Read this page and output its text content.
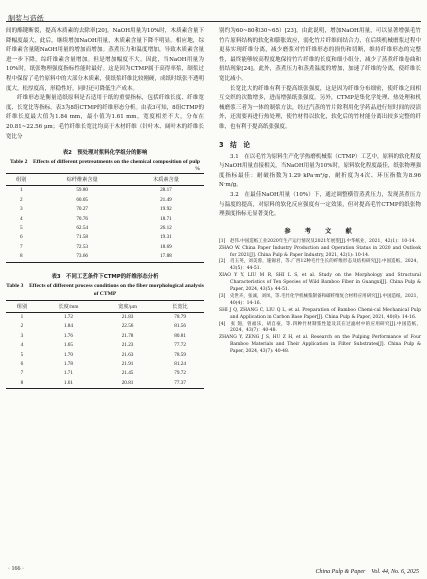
制浆与造纸

间的酯键断裂，提高木质素的去除率[20]。NaOH用量为10%时，木质素含量下降幅度最大，此后，继续增加NaOH用量，木质素含量下降不明显。相应地，综纤维素含量随NaOH用量的增加而增加。蒸煮压力和温度增加，导致木质素含量进一步下降，综纤维素含量增加。但是增加幅度不大。因此，当NaOH用量为10%时，纸张物理强度指标性能时最好。这是因为CTMP属于高得率浆，制浆过程中保留了毛竹原料中的大部分木质素，使纸浆纤维比较刚硬，成纸时纸张不透明度大，松厚度高，形稳性好。同时还可降低生产成本。

纤维形态是衡量造纸原料是否适用于纸的重要指标，包括纤维长度、纤维宽度、长宽比等指标。表3为8组CTMP的纤维形态分析。由表3可知，8组CTMP的纤维长度最大值为1.84 mm，最小值为1.61 mm，宽度相差不大，分布在20.81~22.56 μm；毛竹纤维长宽比均高于木材纤维（针叶木、阔叶木的纤维长宽比分

表2　预处理对浆料化学组分的影响

Table 2　Effects of different pretreatments on the chemical composition of pulp

%
组别	综纤维素含量	木质素含量
1	59.80	28.17
2	60.05	21.49
3	70.27	19.92
4	70.76	18.71
5	62.54	26.12
6	71.58	19.31
7	72.53	18.69
8	73.66	17.88
表3　不同工艺条件下CTMP的纤维形态分析

Table 3　Effects of different process conditions on the fiber morphological analysis of CTMP

组别	长度/mm	宽度/μm	长宽比
1	1.72	21.83	78.79
2	1.84	22.56	81.56
3	1.76	21.78	80.81
4	1.65	21.23	77.72
5	1.70	21.63	78.59
6	1.78	21.91	81.24
7	1.71	21.45	79.72
8	1.61	20.81	77.37

别约为60~80和30~65）[23]。由此说明，增加NaOH用量，可以显著增强毛竹竹片原料结构的软化和膨胀效应，弱化竹片纤维间结合力，在后续机械磨浆过程中更易实现纤维分离，减少磨浆对竹纤维形态的损伤和切断，维持纤维形态的完整性，最终能够较高程度地保持竹片纤维的长度和细小组分，减少了蒸煮纤维卷曲和扭结现象[24]。此外，蒸煮压力和蒸煮温度的增加，加速了纤维的分离，使纤维长宽比减小。

长宽比大的纤维有利于提高纸张强度，这是因为纤维分布细密，使纤维之间相互交织的次数增多，进而增强纸张强度。另外，CTMP是集化学处理、热处理和机械磨浆三者为一体的制浆方法，经过汽蒸的竹片除利用化学药品进行短时间的浸渍外，还需要再进行热处理，使竹材得以软化，软化后的竹材能分离出较多完整的纤维，也有利于提高纸张强度。

3　结　论

3.1　在以毛竹为原料生产化学热磨机械浆（CTMP）工艺中，原料的软化程度与NaOH用量直接相关，当NaOH用量为10%时，原料软化程度最佳，纸张物理强度指标最佳：耐破指数为1.29 kPa·m²/g，耐折度为4次、环压指数为8.96 N·m/g。

3.2　在最佳NaOH用量（10%）下，通过调整横管蒸煮压力，发现蒸煮压力与温度的提高，对原料的软化反应强度有一定效果，但对提高毛竹CTMP的纸张物理强度指标无显著变化。

参　考　文　献

[1]　赵伟.中国造纸工业2020年生产运行情况及2021年展望[J].中华纸业，2021，42(1)：10-14.

ZHAO W. China Paper Industry Production and Operation Status in 2020 and Outlook for 2021[J]. China Pulp & Paper Industry, 2021, 42(1): 10-14.

[2]　肖玉英，刘美蓉，施锡君，等.广西12种毛竹生长的纤维形态及结构研究[J].中国造纸，2024，43(5)：44-51.

XIAO Y Y, LIU M R, SHI L S, et al. Study on the Morphology and Structural Characteristics of Ten Species of Wild Bamboo Fiber in Guangxi[J]. China Pulp & Paper, 2024, 43(5): 44-51.

[3]　史世卉，张诚，刘凤，等.毛竹化学机械浆制备和碳纤维复合材料应用研究[J].中国造纸，2021，40(4)：14-16.

SHI J Q, ZHANG C, LIU Q L, et al. Preparation of Bamboo Chemi-cal Mechanical Pulp and Application in Carbon Base Paper[J]. China Pulp & Paper, 2021, 40(8): 14-16.

[4]　张 翅，曾福乐，胡自豪，等.四种竹材制浆性能及其在过滤材中的应用研究[J].中国造纸，2024，43(7)：40-48.

ZHANG Y, ZENG J S, HU Z H, et al. Research on the Pulping Performance of Four Bamboo Materials and Their Application in Filter Substrates[J]. China Pulp & Paper, 2024, 43(7): 40-48.

· 166 ·	China Pulp & Paper　Vol. 44, No. 6, 2025
